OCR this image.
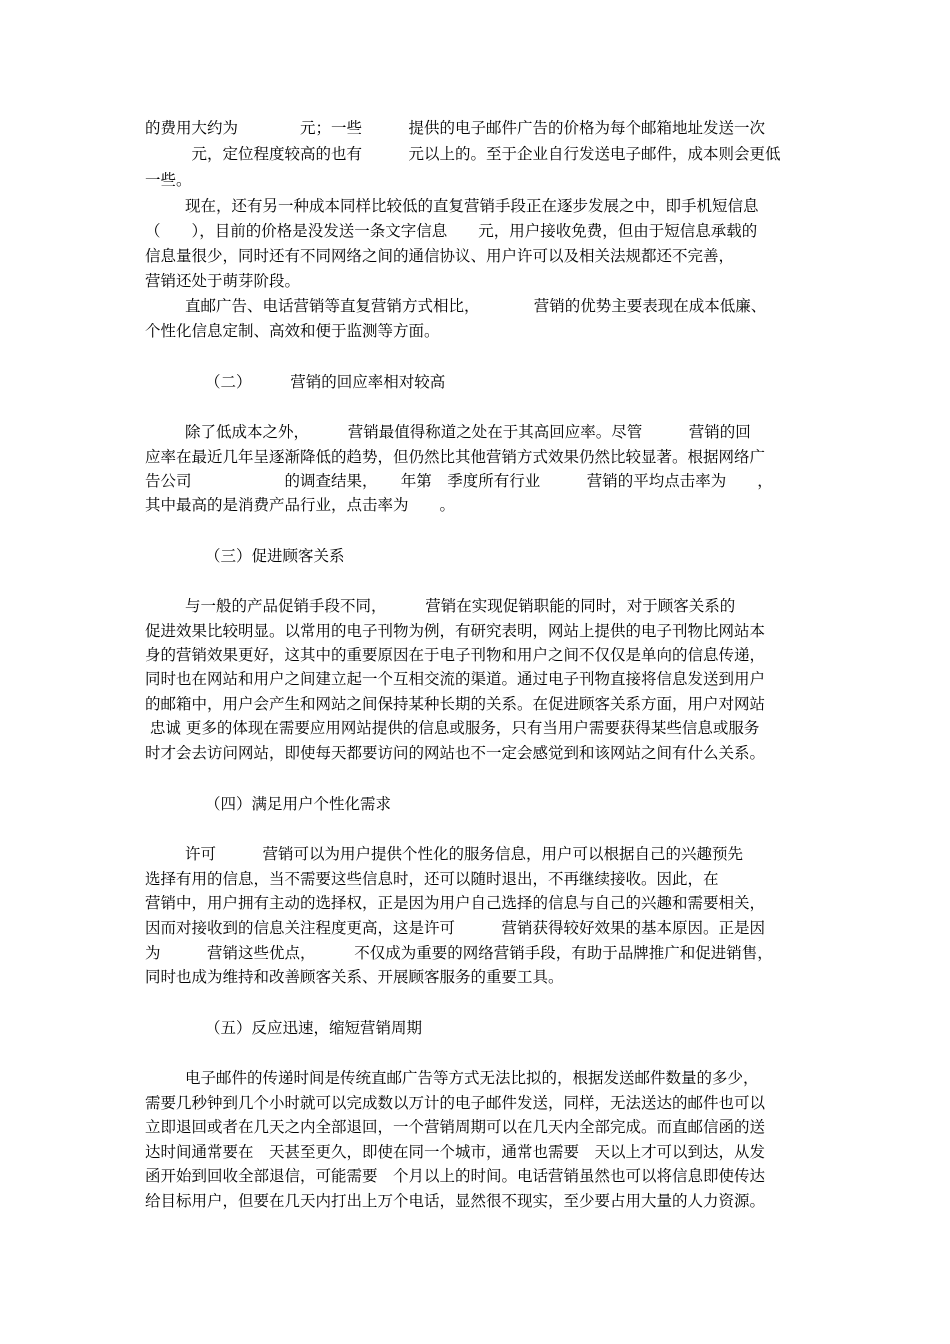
的费用大约为　　　　元；一些　　　提供的电子邮件广告的价格为每个邮箱地址发送一次
　　　元，定位程度较高的也有　　　元以上的。至于企业自行发送电子邮件，成本则会更低
一些。
现在，还有另一种成本同样比较低的直复营销手段正在逐步发展之中，即手机短信息
（　　），目前的价格是没发送一条文字信息　　元，用户接收免费，但由于短信息承载的
信息量很少，同时还有不同网络之间的通信协议、用户许可以及相关法规都还不完善，
营销还处于萌芽阶段。
直邮广告、电话营销等直复营销方式相比，　　　　营销的优势主要表现在成本低廉、
个性化信息定制、高效和便于监测等方面。
（二）　　　营销的回应率相对较高
除了低成本之外，　　　营销最值得称道之处在于其高回应率。尽管　　　营销的回
应率在最近几年呈逐渐降低的趋势，但仍然比其他营销方式效果仍然比较显著。根据网络广
告公司　　　　　　的调查结果，　　年第　季度所有行业　　　营销的平均点击率为　　，
其中最高的是消费产品行业，点击率为　　。
（三）促进顾客关系
与一般的产品促销手段不同，　　　营销在实现促销职能的同时，对于顾客关系的
促进效果比较明显。以常用的电子刊物为例，有研究表明，网站上提供的电子刊物比网站本
身的营销效果更好，这其中的重要原因在于电子刊物和用户之间不仅仅是单向的信息传递，
同时也在网站和用户之间建立起一个互相交流的渠道。通过电子刊物直接将信息发送到用户
的邮箱中，用户会产生和网站之间保持某种长期的关系。在促进顾客关系方面，用户对网站
忠诚 更多的体现在需要应用网站提供的信息或服务，只有当用户需要获得某些信息或服务
时才会去访问网站，即使每天都要访问的网站也不一定会感觉到和该网站之间有什么关系。
（四）满足用户个性化需求
许可　　　营销可以为用户提供个性化的服务信息，用户可以根据自己的兴趣预先
选择有用的信息，当不需要这些信息时，还可以随时退出，不再继续接收。因此，在
营销中，用户拥有主动的选择权，正是因为用户自己选择的信息与自己的兴趣和需要相关，
因而对接收到的信息关注程度更高，这是许可　　　营销获得较好效果的基本原因。正是因
为　　　营销这些优点，　　　不仅成为重要的网络营销手段，有助于品牌推广和促进销售，
同时也成为维持和改善顾客关系、开展顾客服务的重要工具。
（五）反应迅速，缩短营销周期
电子邮件的传递时间是传统直邮广告等方式无法比拟的，根据发送邮件数量的多少，
需要几秒钟到几个小时就可以完成数以万计的电子邮件发送，同样，无法送达的邮件也可以
立即退回或者在几天之内全部退回，一个营销周期可以在几天内全部完成。而直邮信函的送
达时间通常要在　天甚至更久，即使在同一个城市，通常也需要　天以上才可以到达，从发
函开始到回收全部退信，可能需要　个月以上的时间。电话营销虽然也可以将信息即使传达
给目标用户，但要在几天内打出上万个电话，显然很不现实，至少要占用大量的人力资源。
